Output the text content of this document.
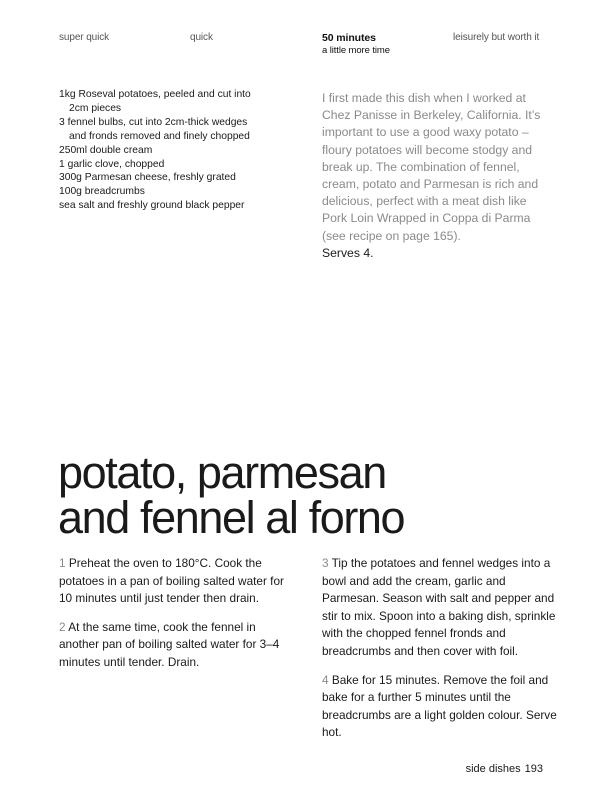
super quick	quick	50 minutes
a little more time
leisurely but worth it
1kg Roseval potatoes, peeled and cut into 2cm pieces
3 fennel bulbs, cut into 2cm-thick wedges and fronds removed and finely chopped
250ml double cream
1 garlic clove, chopped
300g Parmesan cheese, freshly grated
100g breadcrumbs
sea salt and freshly ground black pepper

I first made this dish when I worked at Chez Panisse in Berkeley, California. It’s important to use a good waxy potato – floury potatoes will become stodgy and break up. The combination of fennel, cream, potato and Parmesan is rich and delicious, perfect with a meat dish like Pork Loin Wrapped in Coppa di Parma (see recipe on page 165).

Serves 4.

potato, parmesan
and fennel al forno

1 Preheat the oven to 180°C. Cook the potatoes in a pan of boiling salted water for 10 minutes until just tender then drain.

2 At the same time, cook the fennel in another pan of boiling salted water for 3–4 minutes until tender. Drain.

3 Tip the potatoes and fennel wedges into a bowl and add the cream, garlic and Parmesan. Season with salt and pepper and stir to mix. Spoon into a baking dish, sprinkle with the chopped fennel fronds and breadcrumbs and then cover with foil.

4 Bake for 15 minutes. Remove the foil and bake for a further 5 minutes until the breadcrumbs are a light golden colour. Serve hot.

side dishes 193
